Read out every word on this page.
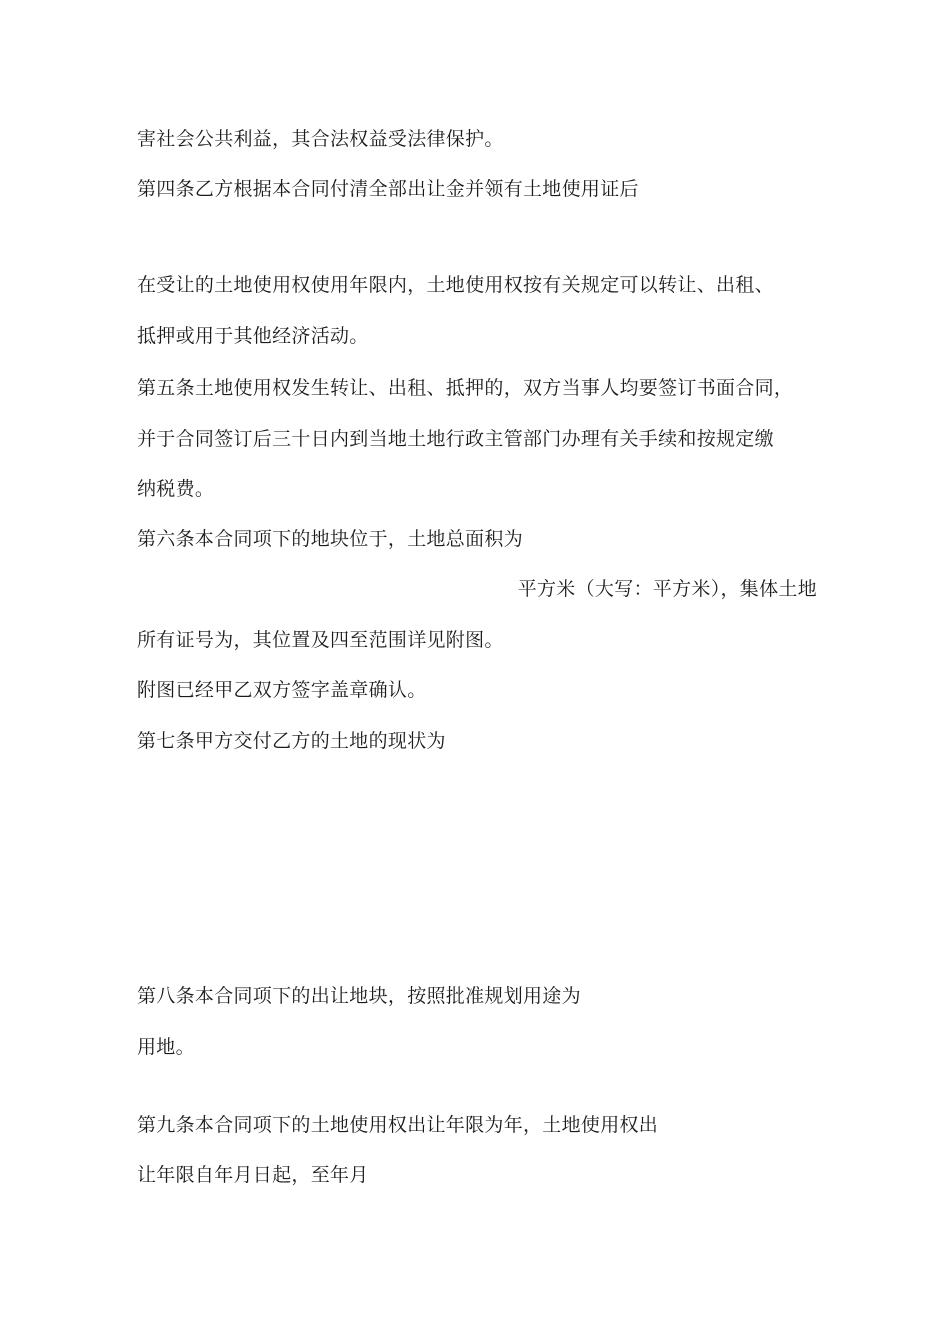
害社会公共利益，其合法权益受法律保护。
第四条乙方根据本合同付清全部出让金并领有土地使用证后
在受让的土地使用权使用年限内，土地使用权按有关规定可以转让、出租、
抵押或用于其他经济活动。
第五条土地使用权发生转让、出租、抵押的，双方当事人均要签订书面合同，
并于合同签订后三十日内到当地土地行政主管部门办理有关手续和按规定缴
纳税费。
第六条本合同项下的地块位于，土地总面积为
平方米（大写：平方米），集体土地
所有证号为，其位置及四至范围详见附图。
附图已经甲乙双方签字盖章确认。
第七条甲方交付乙方的土地的现状为
第八条本合同项下的出让地块，按照批准规划用途为
用地。
第九条本合同项下的土地使用权出让年限为年，土地使用权出
让年限自年月日起，至年月
